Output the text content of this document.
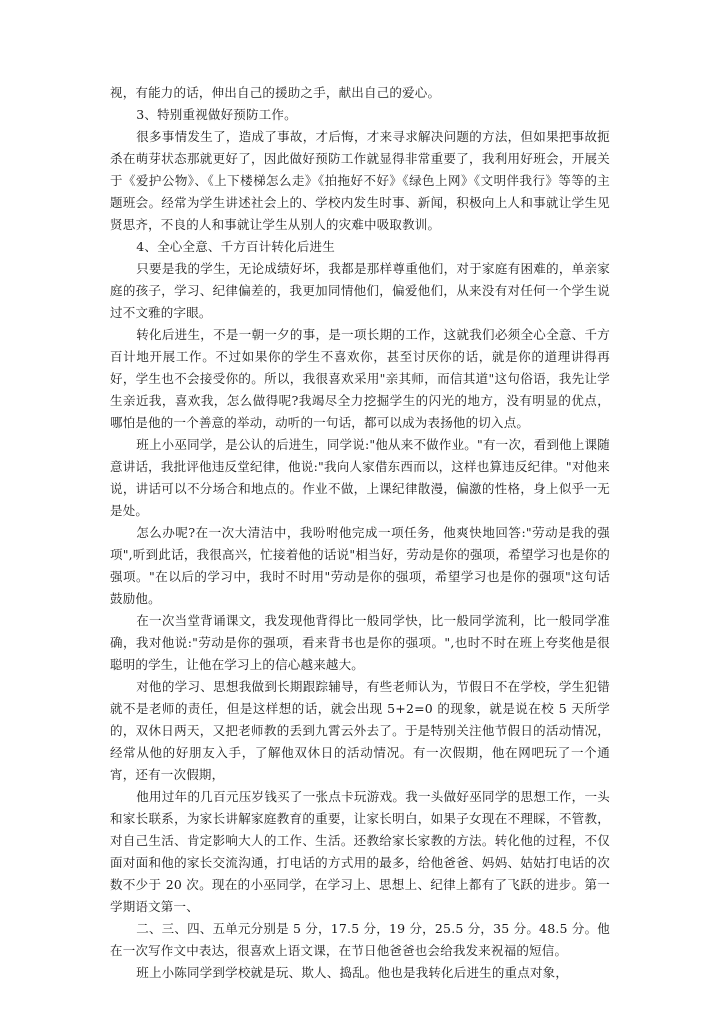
视，有能力的话，伸出自己的援助之手，献出自己的爱心。

3、特别重视做好预防工作。

很多事情发生了，造成了事故，才后悔，才来寻求解决问题的方法，但如果把事故扼杀在萌芽状态那就更好了，因此做好预防工作就显得非常重要了，我利用好班会，开展关于《爱护公物》、《上下楼梯怎么走》《拍拖好不好》《绿色上网》《文明伴我行》等等的主题班会。经常为学生讲述社会上的、学校内发生时事、新闻，积极向上人和事就让学生见贤思齐，不良的人和事就让学生从别人的灾难中吸取教训。

4、全心全意、千方百计转化后进生

只要是我的学生，无论成绩好坏，我都是那样尊重他们，对于家庭有困难的，单亲家庭的孩子，学习、纪律偏差的，我更加同情他们，偏爱他们，从来没有对任何一个学生说过不文雅的字眼。

转化后进生，不是一朝一夕的事，是一项长期的工作，这就我们必须全心全意、千方百计地开展工作。不过如果你的学生不喜欢你，甚至讨厌你的话，就是你的道理讲得再好，学生也不会接受你的。所以，我很喜欢采用"亲其师，而信其道"这句俗语，我先让学生亲近我，喜欢我，怎么做得呢?我竭尽全力挖掘学生的闪光的地方，没有明显的优点，哪怕是他的一个善意的举动，动听的一句话，都可以成为表扬他的切入点。

班上小巫同学，是公认的后进生，同学说:"他从来不做作业。"有一次，看到他上课随意讲话，我批评他违反堂纪律，他说:"我向人家借东西而以，这样也算违反纪律。"对他来说，讲话可以不分场合和地点的。作业不做，上课纪律散漫，偏激的性格，身上似乎一无是处。

怎么办呢?在一次大清洁中，我吩咐他完成一项任务，他爽快地回答:"劳动是我的强项",听到此话，我很高兴，忙接着他的话说"相当好，劳动是你的强项，希望学习也是你的强项。"在以后的学习中，我时不时用"劳动是你的强项，希望学习也是你的强项"这句话鼓励他。

在一次当堂背诵课文，我发现他背得比一般同学快，比一般同学流利，比一般同学准确，我对他说:"劳动是你的强项，看来背书也是你的强项。",也时不时在班上夸奖他是很聪明的学生，让他在学习上的信心越来越大。

对他的学习、思想我做到长期跟踪辅导，有些老师认为，节假日不在学校，学生犯错就不是老师的责任，但是这样想的话，就会出现 5+2=0 的现象，就是说在校 5 天所学的，双休日两天，又把老师教的丢到九霄云外去了。于是特别关注他节假日的活动情况，经常从他的好朋友入手，了解他双休日的活动情况。有一次假期，他在网吧玩了一个通宵，还有一次假期，

他用过年的几百元压岁钱买了一张点卡玩游戏。我一头做好巫同学的思想工作，一头和家长联系，为家长讲解家庭教育的重要，让家长明白，如果子女现在不理睬，不管教，对自己生活、肯定影响大人的工作、生活。还教给家长家教的方法。转化他的过程，不仅面对面和他的家长交流沟通，打电话的方式用的最多，给他爸爸、妈妈、姑姑打电话的次数不少于 20 次。现在的小巫同学，在学习上、思想上、纪律上都有了飞跃的进步。第一学期语文第一、

二、三、四、五单元分别是 5 分，17.5 分，19 分，25.5 分，35 分。48.5 分。他在一次写作文中表达，很喜欢上语文课，在节日他爸爸也会给我发来祝福的短信。

班上小陈同学到学校就是玩、欺人、捣乱。他也是我转化后进生的重点对象，
